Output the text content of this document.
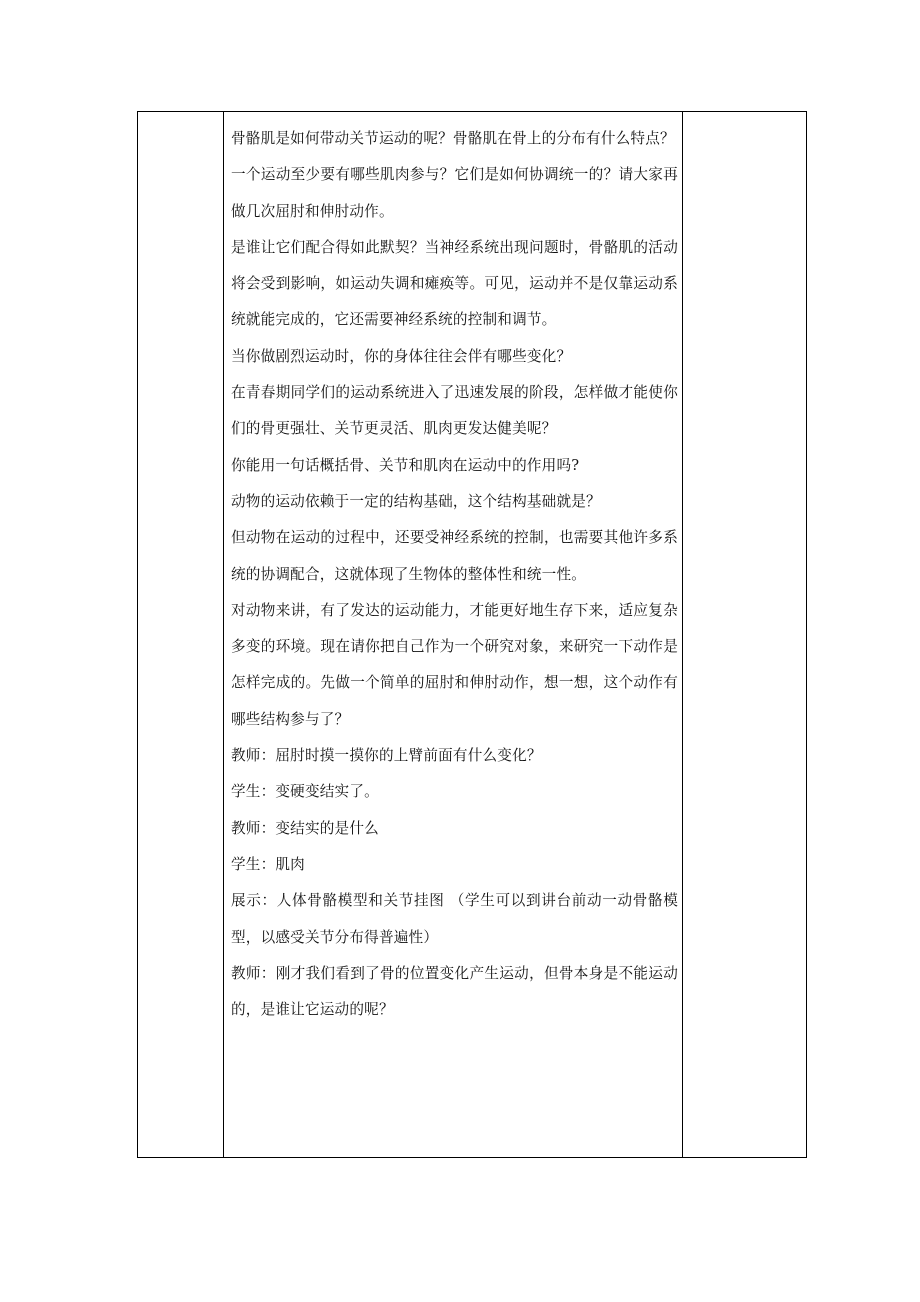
骨骼肌是如何带动关节运动的呢？骨骼肌在骨上的分布有什么特点？

一个运动至少要有哪些肌肉参与？它们是如何协调统一的？请大家再做几次屈肘和伸肘动作。

是谁让它们配合得如此默契？当神经系统出现问题时，骨骼肌的活动将会受到影响，如运动失调和瘫痪等。可见，运动并不是仅靠运动系统就能完成的，它还需要神经系统的控制和调节。

当你做剧烈运动时，你的身体往往会伴有哪些变化？

在青春期同学们的运动系统进入了迅速发展的阶段，怎样做才能使你们的骨更强壮、关节更灵活、肌肉更发达健美呢？

你能用一句话概括骨、关节和肌肉在运动中的作用吗?

动物的运动依赖于一定的结构基础，这个结构基础就是？

但动物在运动的过程中，还要受神经系统的控制，也需要其他许多系统的协调配合，这就体现了生物体的整体性和统一性。

对动物来讲，有了发达的运动能力，才能更好地生存下来，适应复杂多变的环境。现在请你把自己作为一个研究对象，来研究一下动作是怎样完成的。先做一个简单的屈肘和伸肘动作，想一想，这个动作有哪些结构参与了？

教师：屈肘时摸一摸你的上臂前面有什么变化？

学生：变硬变结实了。

教师：变结实的是什么

学生：肌肉

展示：人体骨骼模型和关节挂图 （学生可以到讲台前动一动骨骼模型，以感受关节分布得普遍性）

教师：刚才我们看到了骨的位置变化产生运动，但骨本身是不能运动的，是谁让它运动的呢？
